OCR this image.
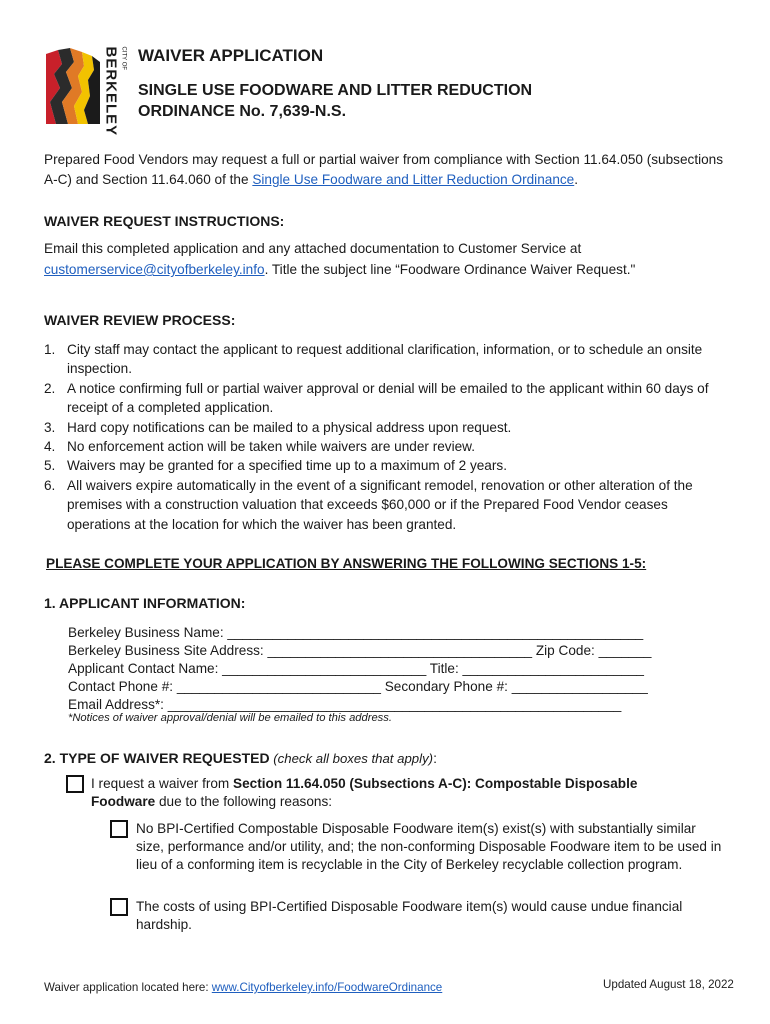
CITY OF
BERKELEY WAIVER APPLICATION
SINGLE USE FOODWARE AND LITTER REDUCTION
ORDINANCE No. 7,639-N.S.
Prepared Food Vendors may request a full or partial waiver from compliance with Section 11.64.050 (subsections A-C) and Section 11.64.060 of the Single Use Foodware and Litter Reduction Ordinance.
WAIVER REQUEST INSTRUCTIONS:
Email this completed application and any attached documentation to Customer Service at
customerservice@cityofberkeley.info. Title the subject line “Foodware Ordinance Waiver Request."
WAIVER REVIEW PROCESS:
1. City staff may contact the applicant to request additional clarification, information, or to schedule an onsite inspection.
2. A notice confirming full or partial waiver approval or denial will be emailed to the applicant within 60 days of receipt of a completed application.
3. Hard copy notifications can be mailed to a physical address upon request.
4. No enforcement action will be taken while waivers are under review.
5. Waivers may be granted for a specified time up to a maximum of 2 years.
6. All waivers expire automatically in the event of a significant remodel, renovation or other alteration of the premises with a construction valuation that exceeds $60,000 or if the Prepared Food Vendor ceases operations at the location for which the waiver has been granted.
PLEASE COMPLETE YOUR APPLICATION BY ANSWERING THE FOLLOWING SECTIONS 1-5:
1. APPLICANT INFORMATION:
Berkeley Business Name: _______________________________________________________
Berkeley Business Site Address: ___________________________________ Zip Code: _______
Applicant Contact Name: ___________________________ Title: ________________________
Contact Phone #: ___________________________ Secondary Phone #: __________________
Email Address*: ____________________________________________________________
*Notices of waiver approval/denial will be emailed to this address.
2. TYPE OF WAIVER REQUESTED (check all boxes that apply):
I request a waiver from Section 11.64.050 (Subsections A-C): Compostable Disposable
Foodware due to the following reasons:
No BPI-Certified Compostable Disposable Foodware item(s) exist(s) with substantially similar size, performance and/or utility, and; the non-conforming Disposable Foodware item to be used in lieu of a conforming item is recyclable in the City of Berkeley recyclable collection program.
The costs of using BPI-Certified Disposable Foodware item(s) would cause undue financial hardship.
Waiver application located here: www.Cityofberkeley.info/FoodwareOrdinance	Updated August 18, 2022
